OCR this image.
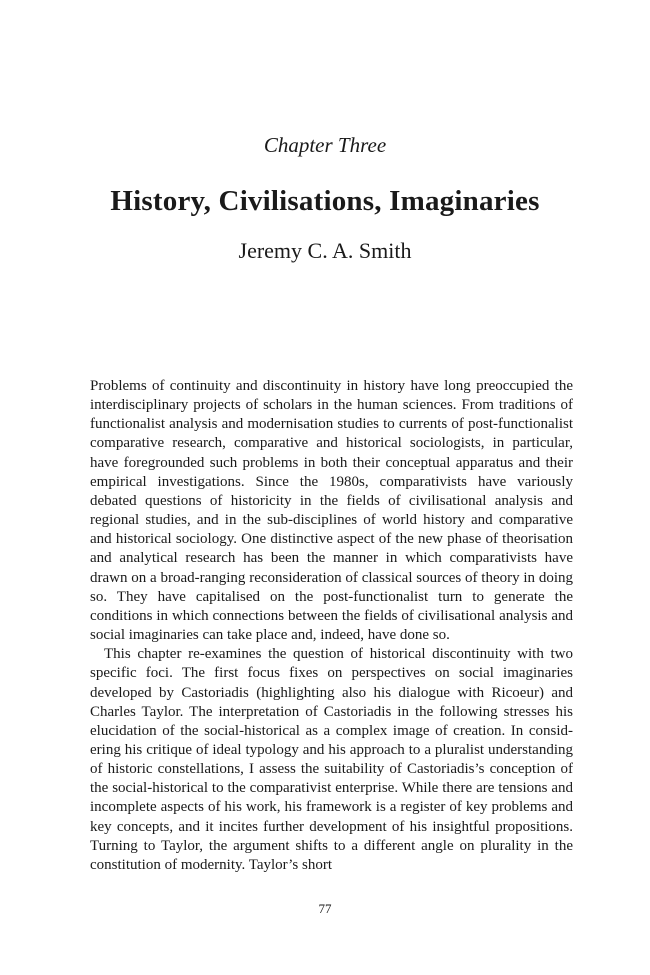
Chapter Three
History, Civilisations, Imaginaries
Jeremy C. A. Smith

Problems of continuity and discontinuity in history have long preoccupied the interdisciplinary projects of scholars in the human sciences. From traditions of functionalist analysis and modernisation studies to currents of post-functionalist comparative research, comparative and historical sociologists, in particular, have foregrounded such problems in both their conceptual apparatus and their empirical investigations. Since the 1980s, comparativists have variously debated questions of historicity in the fields of civilisational analysis and regional studies, and in the sub-disciplines of world history and comparative and historical sociology. One distinctive aspect of the new phase of theorisation and analytical research has been the manner in which comparativists have drawn on a broad-ranging reconsideration of classical sources of theory in doing so. They have capitalised on the post-functionalist turn to generate the conditions in which connections between the fields of civilisational analysis and social imaginaries can take place and, indeed, have done so.

This chapter re-examines the question of historical discontinuity with two specific foci. The first focus fixes on perspectives on social imaginaries developed by Castoriadis (highlighting also his dialogue with Ricoeur) and Charles Taylor. The interpretation of Castoriadis in the following stresses his elucidation of the social-historical as a complex image of creation. In considering his critique of ideal typology and his approach to a pluralist understanding of historic constellations, I assess the suitability of Castoriadis’s conception of the social-historical to the comparativist enterprise. While there are tensions and incomplete aspects of his work, his framework is a register of key problems and key concepts, and it incites further development of his insightful propositions. Turning to Taylor, the argument shifts to a different angle on plurality in the constitution of modernity. Taylor’s short

77
